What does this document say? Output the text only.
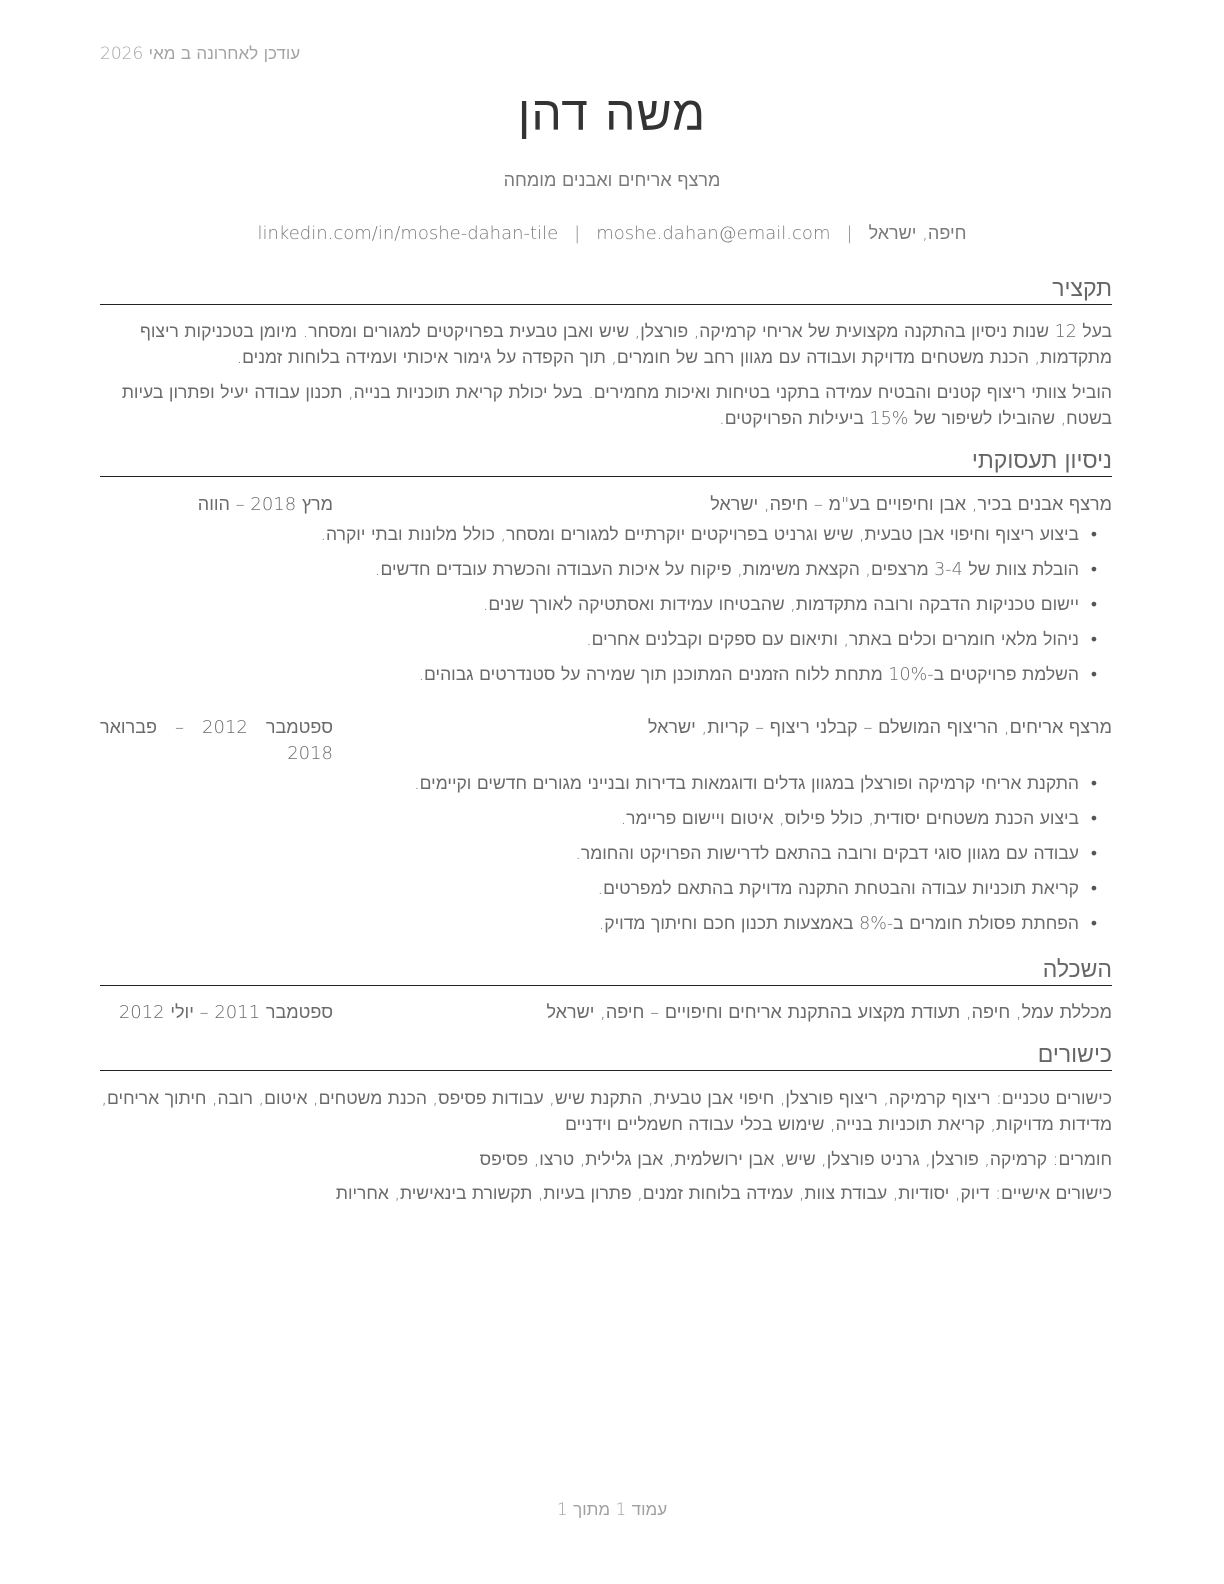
עודכן לאחרונה ב מאי 2026
משה דהן
מרצף אריחים ואבנים מומחה
חיפה, ישראל|moshe.dahan@email.com|linkedin.com/in/moshe-dahan-tile
תקציר
בעל 12 שנות ניסיון בהתקנה מקצועית של אריחי קרמיקה, פורצלן, שיש ואבן טבעית בפרויקטים למגורים ומסחר. מיומן בטכניקות ריצוף מתקדמות, הכנת משטחים מדויקת ועבודה עם מגוון רחב של חומרים, תוך הקפדה על גימור איכותי ועמידה בלוחות זמנים.
הוביל צוותי ריצוף קטנים והבטיח עמידה בתקני בטיחות ואיכות מחמירים. בעל יכולת קריאת תוכניות בנייה, תכנון עבודה יעיל ופתרון בעיות בשטח, שהובילו לשיפור של 15% ביעילות הפרויקטים.
ניסיון תעסוקתי
מרצף אבנים בכיר, אבן וחיפויים בע"מ – חיפה, ישראל
מרץ 2018 – הווה
• ביצוע ריצוף וחיפוי אבן טבעית, שיש וגרניט בפרויקטים יוקרתיים למגורים ומסחר, כולל מלונות ובתי יוקרה.
• הובלת צוות של 3-4 מרצפים, הקצאת משימות, פיקוח על איכות העבודה והכשרת עובדים חדשים.
• יישום טכניקות הדבקה ורובה מתקדמות, שהבטיחו עמידות ואסתטיקה לאורך שנים.
• ניהול מלאי חומרים וכלים באתר, ותיאום עם ספקים וקבלנים אחרים.
• השלמת פרויקטים ב-10% מתחת ללוח הזמנים המתוכנן תוך שמירה על סטנדרטים גבוהים.
מרצף אריחים, הריצוף המושלם – קבלני ריצוף – קריות, ישראל
ספטמבר 2012 – פברואר 2018
• התקנת אריחי קרמיקה ופורצלן במגוון גדלים ודוגמאות בדירות ובנייני מגורים חדשים וקיימים.
• ביצוע הכנת משטחים יסודית, כולל פילוס, איטום ויישום פריימר.
• עבודה עם מגוון סוגי דבקים ורובה בהתאם לדרישות הפרויקט והחומר.
• קריאת תוכניות עבודה והבטחת התקנה מדויקת בהתאם למפרטים.
• הפחתת פסולת חומרים ב-8% באמצעות תכנון חכם וחיתוך מדויק.
השכלה
מכללת עמל, חיפה, תעודת מקצוע בהתקנת אריחים וחיפויים – חיפה, ישראל
ספטמבר 2011 – יולי 2012
כישורים
כישורים טכניים: ריצוף קרמיקה, ריצוף פורצלן, חיפוי אבן טבעית, התקנת שיש, עבודות פסיפס, הכנת משטחים, איטום, רובה, חיתוך אריחים, מדידות מדויקות, קריאת תוכניות בנייה, שימוש בכלי עבודה חשמליים וידניים
חומרים: קרמיקה, פורצלן, גרניט פורצלן, שיש, אבן ירושלמית, אבן גלילית, טרצו, פסיפס
כישורים אישיים: דיוק, יסודיות, עבודת צוות, עמידה בלוחות זמנים, פתרון בעיות, תקשורת בינאישית, אחריות
עמוד 1 מתוך 1
